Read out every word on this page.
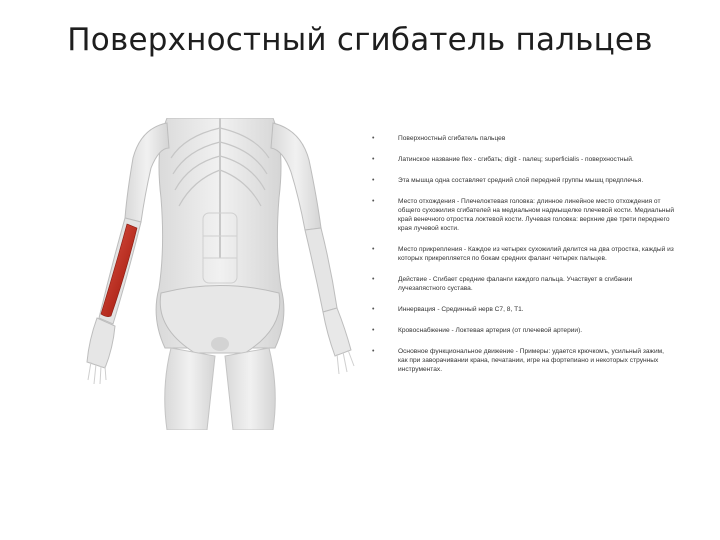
Поверхностный сгибатель пальцев
•	Поверхностный сгибатель пальцев
•	Латинское название flex - сгибать; digit - палец; superficialis - поверхностный.
•	Эта мышца одна составляет средний слой передней группы мышц предплечья.
•	Место отхождения - Плечелоктевая головка: длинное линейное место отхождения от общего сухожилия сгибателей на медиальном надмыщелке плечевой кости. Медиальный край венечного отростка локтевой кости. Лучевая головка: верхние две трети переднего края лучевой кости.
•	Место прикрепления - Каждое из четырех сухожилий делится на два отростка, каждый из которых прикрепляется по бокам средних фаланг четырех пальцев.
•	Действие - Сгибает средние фаланги каждого пальца. Участвует в сгибании лучезапястного сустава.
•	Иннервация - Срединный нерв С7, 8, Т1.
•	Кровоснабжение - Локтевая артерия (от плечевой артерии).
•	Основное функциональное движение - Примеры: удается крючкомъ, усильный зажим, как при заворачивании крана, печатании, игре на фортепиано и некоторых струнных инструментах.
